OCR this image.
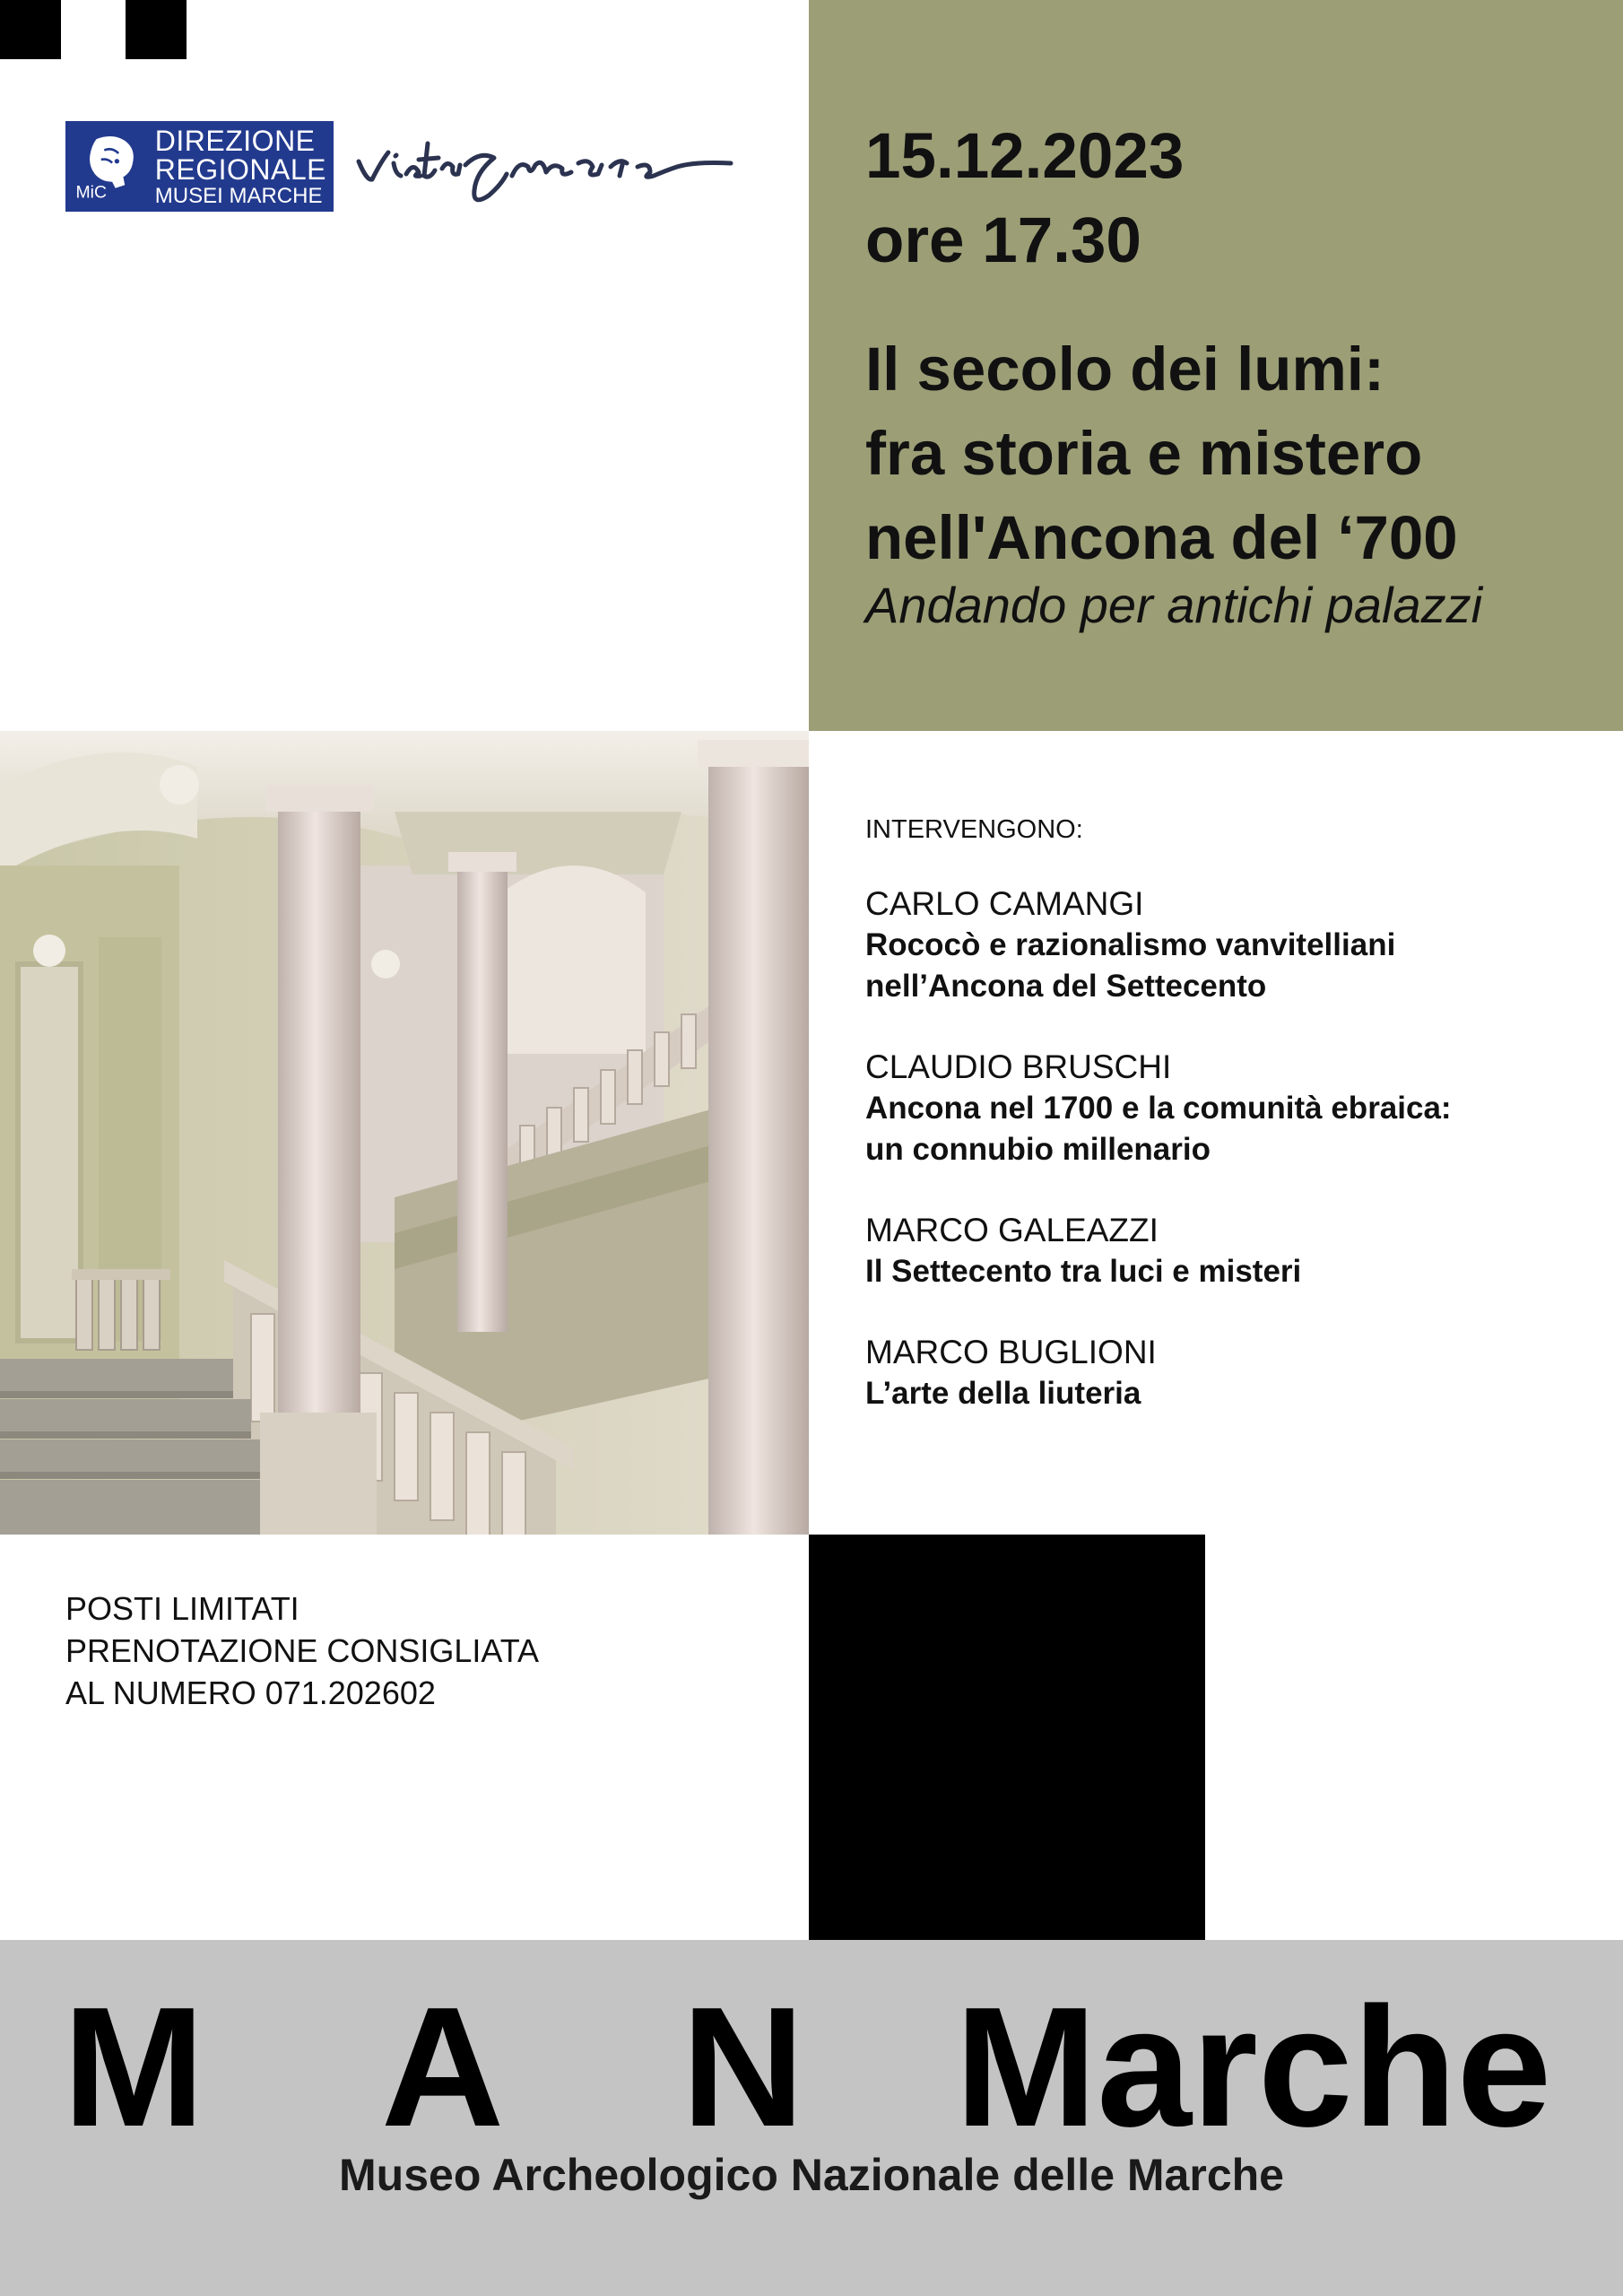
MiC
DIREZIONE
REGIONALE
MUSEI MARCHE
15.12.2023
ore 17.30
Il secolo dei lumi:
fra storia e mistero
nell'Ancona del ‘700
Andando per antichi palazzi
INTERVENGONO:
CARLO CAMANGI
Rococò e razionalismo vanvitelliani
nell’Ancona del Settecento
CLAUDIO BRUSCHI
Ancona nel 1700 e la comunità ebraica:
un connubio millenario
MARCO GALEAZZI
Il Settecento tra luci e misteri
MARCO BUGLIONI
L’arte della liuteria
POSTI LIMITATI
PRENOTAZIONE CONSIGLIATA
AL NUMERO 071.202602
M A N Marche
Museo Archeologico Nazionale delle Marche
